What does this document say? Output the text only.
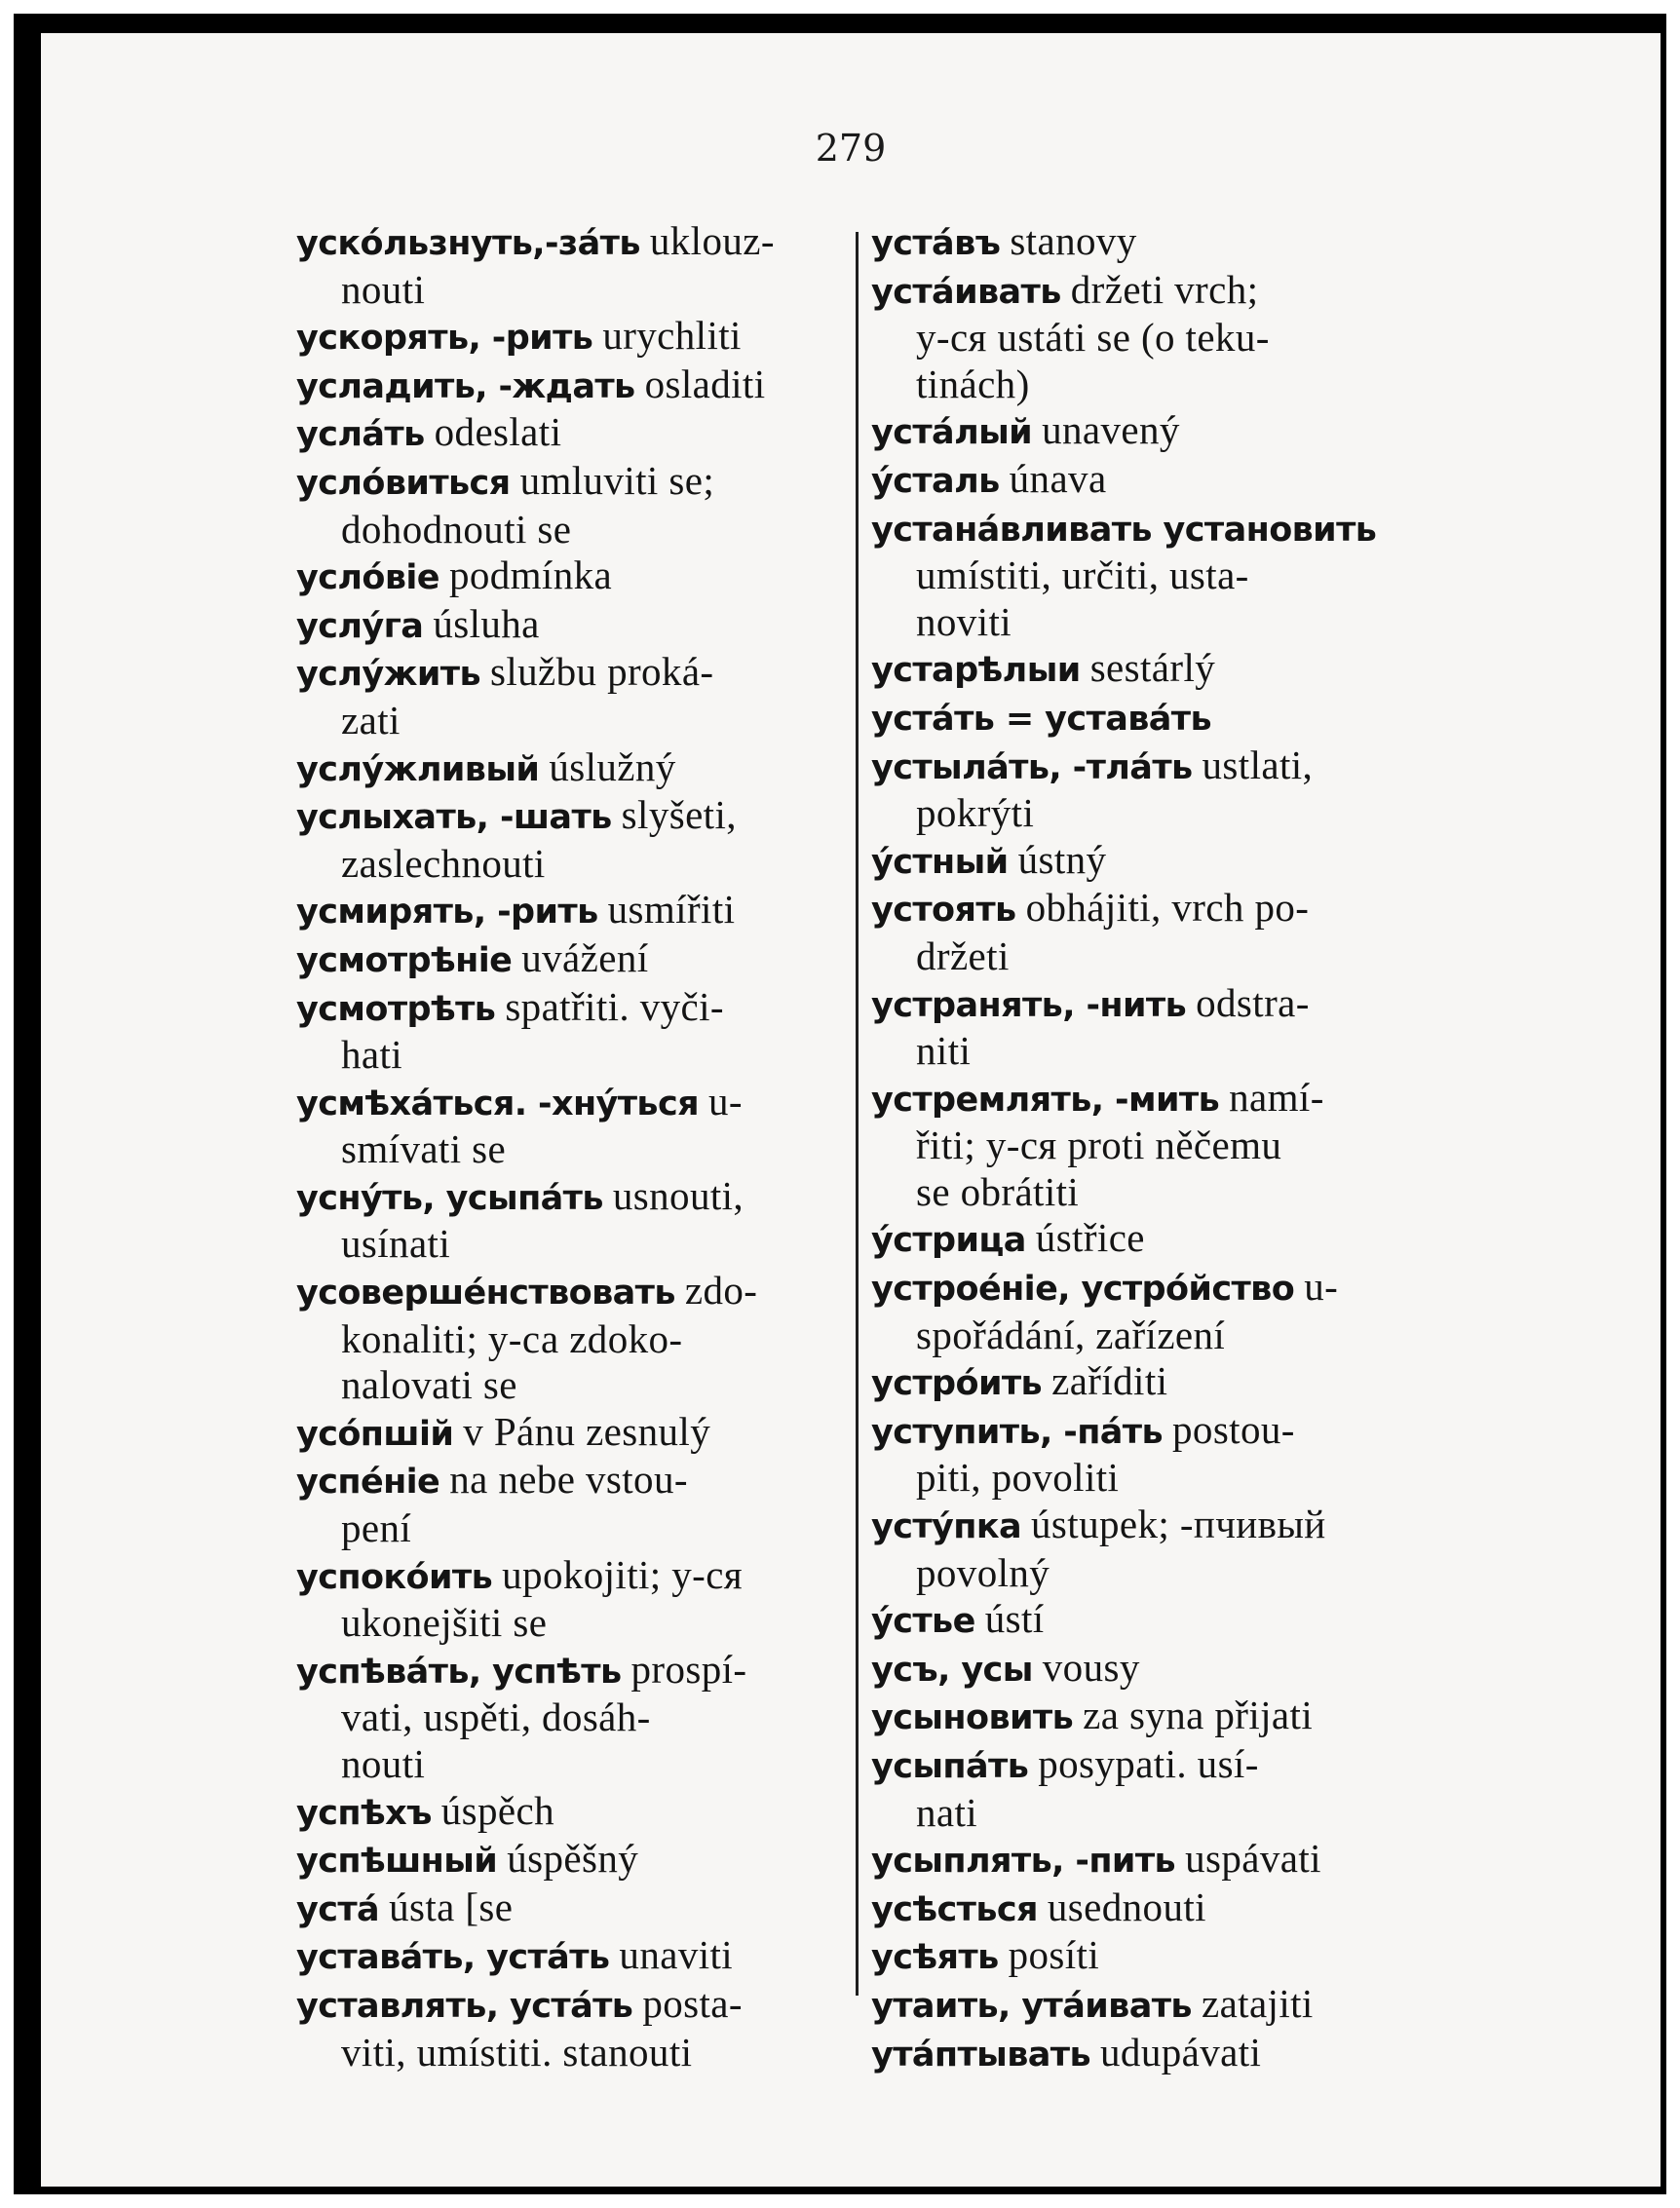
279

ускóльзнуть,-зáть uklouz-
nouti

ускорять, -рить urychliti

усладить, -ждать osladiti

услáть odeslati

услóвиться umluviti se;
dohodnouti se

услóвіе podmínka

услýга úsluha

услýжить službu proká-
zati

услýжливый úslužný

услыхать, -шать slyšeti,
zaslechnouti

усмирять, -рить usmířiti

усмотрѣніе uvážení

усмотрѣть spatřiti. vyči-
hati

усмѣхáться. -хнýться u-
smívati se

уснýть, усыпáть usnouti,
usínati

усовершéнствовать zdo-
konaliti; у-са zdoko-
nalovati se

усóпшій v Pánu zesnulý

успéніе na nebe vstou-
pení

успокóить upokojiti; у-ся
ukonejšiti se

успѣвáть, успѣть prospí-
vati, uspěti, dosáh-
nouti

успѣхъ úspěch

успѣшный úspěšný

устá ústa [se

уставáть, устáть unaviti

уставлять, устáть posta-
viti, umístiti. stanouti

устáвъ stanovy

устáивать držeti vrch;
у-ся ustáti se (o teku-
tinách)

устáлый unavený

ýсталь únava

устанáвливать установить
umístiti, určiti, usta-
noviti

устарѣлыи sestárlý

устáть = уставáть

устылáть, -тлáть ustlati,
pokrýti

ýстный ústný

устоять obhájiti, vrch po-
držeti

устранять, -нить odstra-
niti

устремлять, -мить namí-
řiti; у-ся proti něčemu
se obrátiti

ýстрица ústřice

устроéніе, устрóйство u-
spořádání, zařízení

устрóить zaříditi

уступить, -пáть postou-
piti, povoliti

устýпка ústupek; -пчивый
povolný

ýстье ústí

усъ, усы vousy

усыновить za syna přijati

усыпáть posypati. usí-
nati

усыплять, -пить uspávati

усѣсться usednouti

усѣять posíti

утаить, утáивать zatajiti

утáптывать udupávati
